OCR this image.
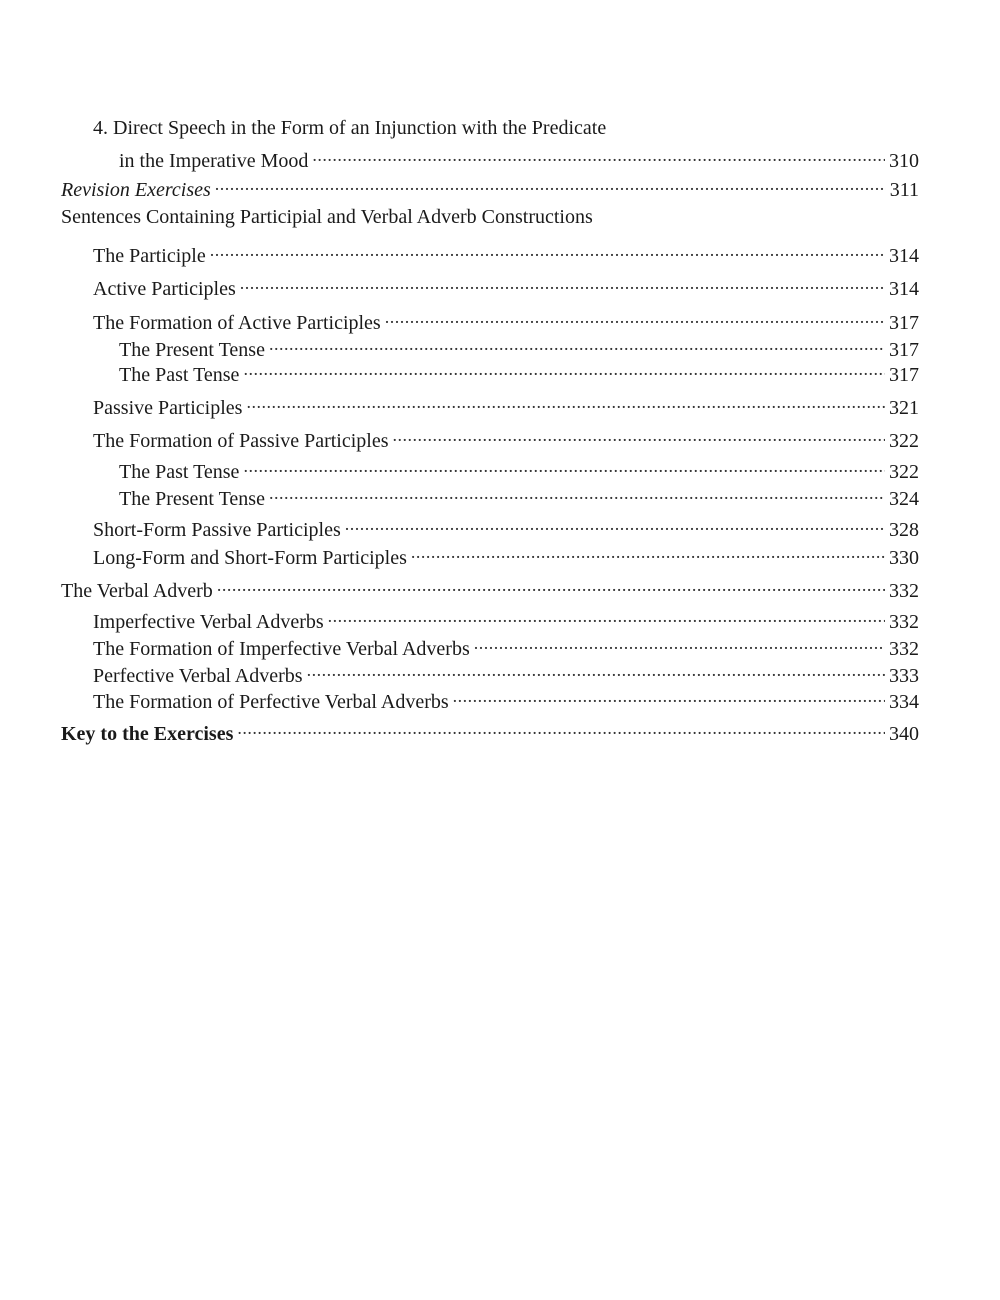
4. Direct Speech in the Form of an Injunction with the Predicate
in the Imperative Mood .....	310
Revision Exercises .....	311
Sentences Containing Participial and Verbal Adverb Constructions
The Participle .....	314
Active Participles .....	314
The Formation of Active Participles .....	317
The Present Tense .....	317
The Past Tense .....	317
Passive Participles .....	321
The Formation of Passive Participles .....	322
The Past Tense .....	322
The Present Tense .....	324
Short-Form Passive Participles .....	328
Long-Form and Short-Form Participles .....	330
The Verbal Adverb .....	332
Imperfective Verbal Adverbs .....	332
The Formation of Imperfective Verbal Adverbs .....	332
Perfective Verbal Adverbs .....	333
The Formation of Perfective Verbal Adverbs .....	334
Key to the Exercises .....	340
